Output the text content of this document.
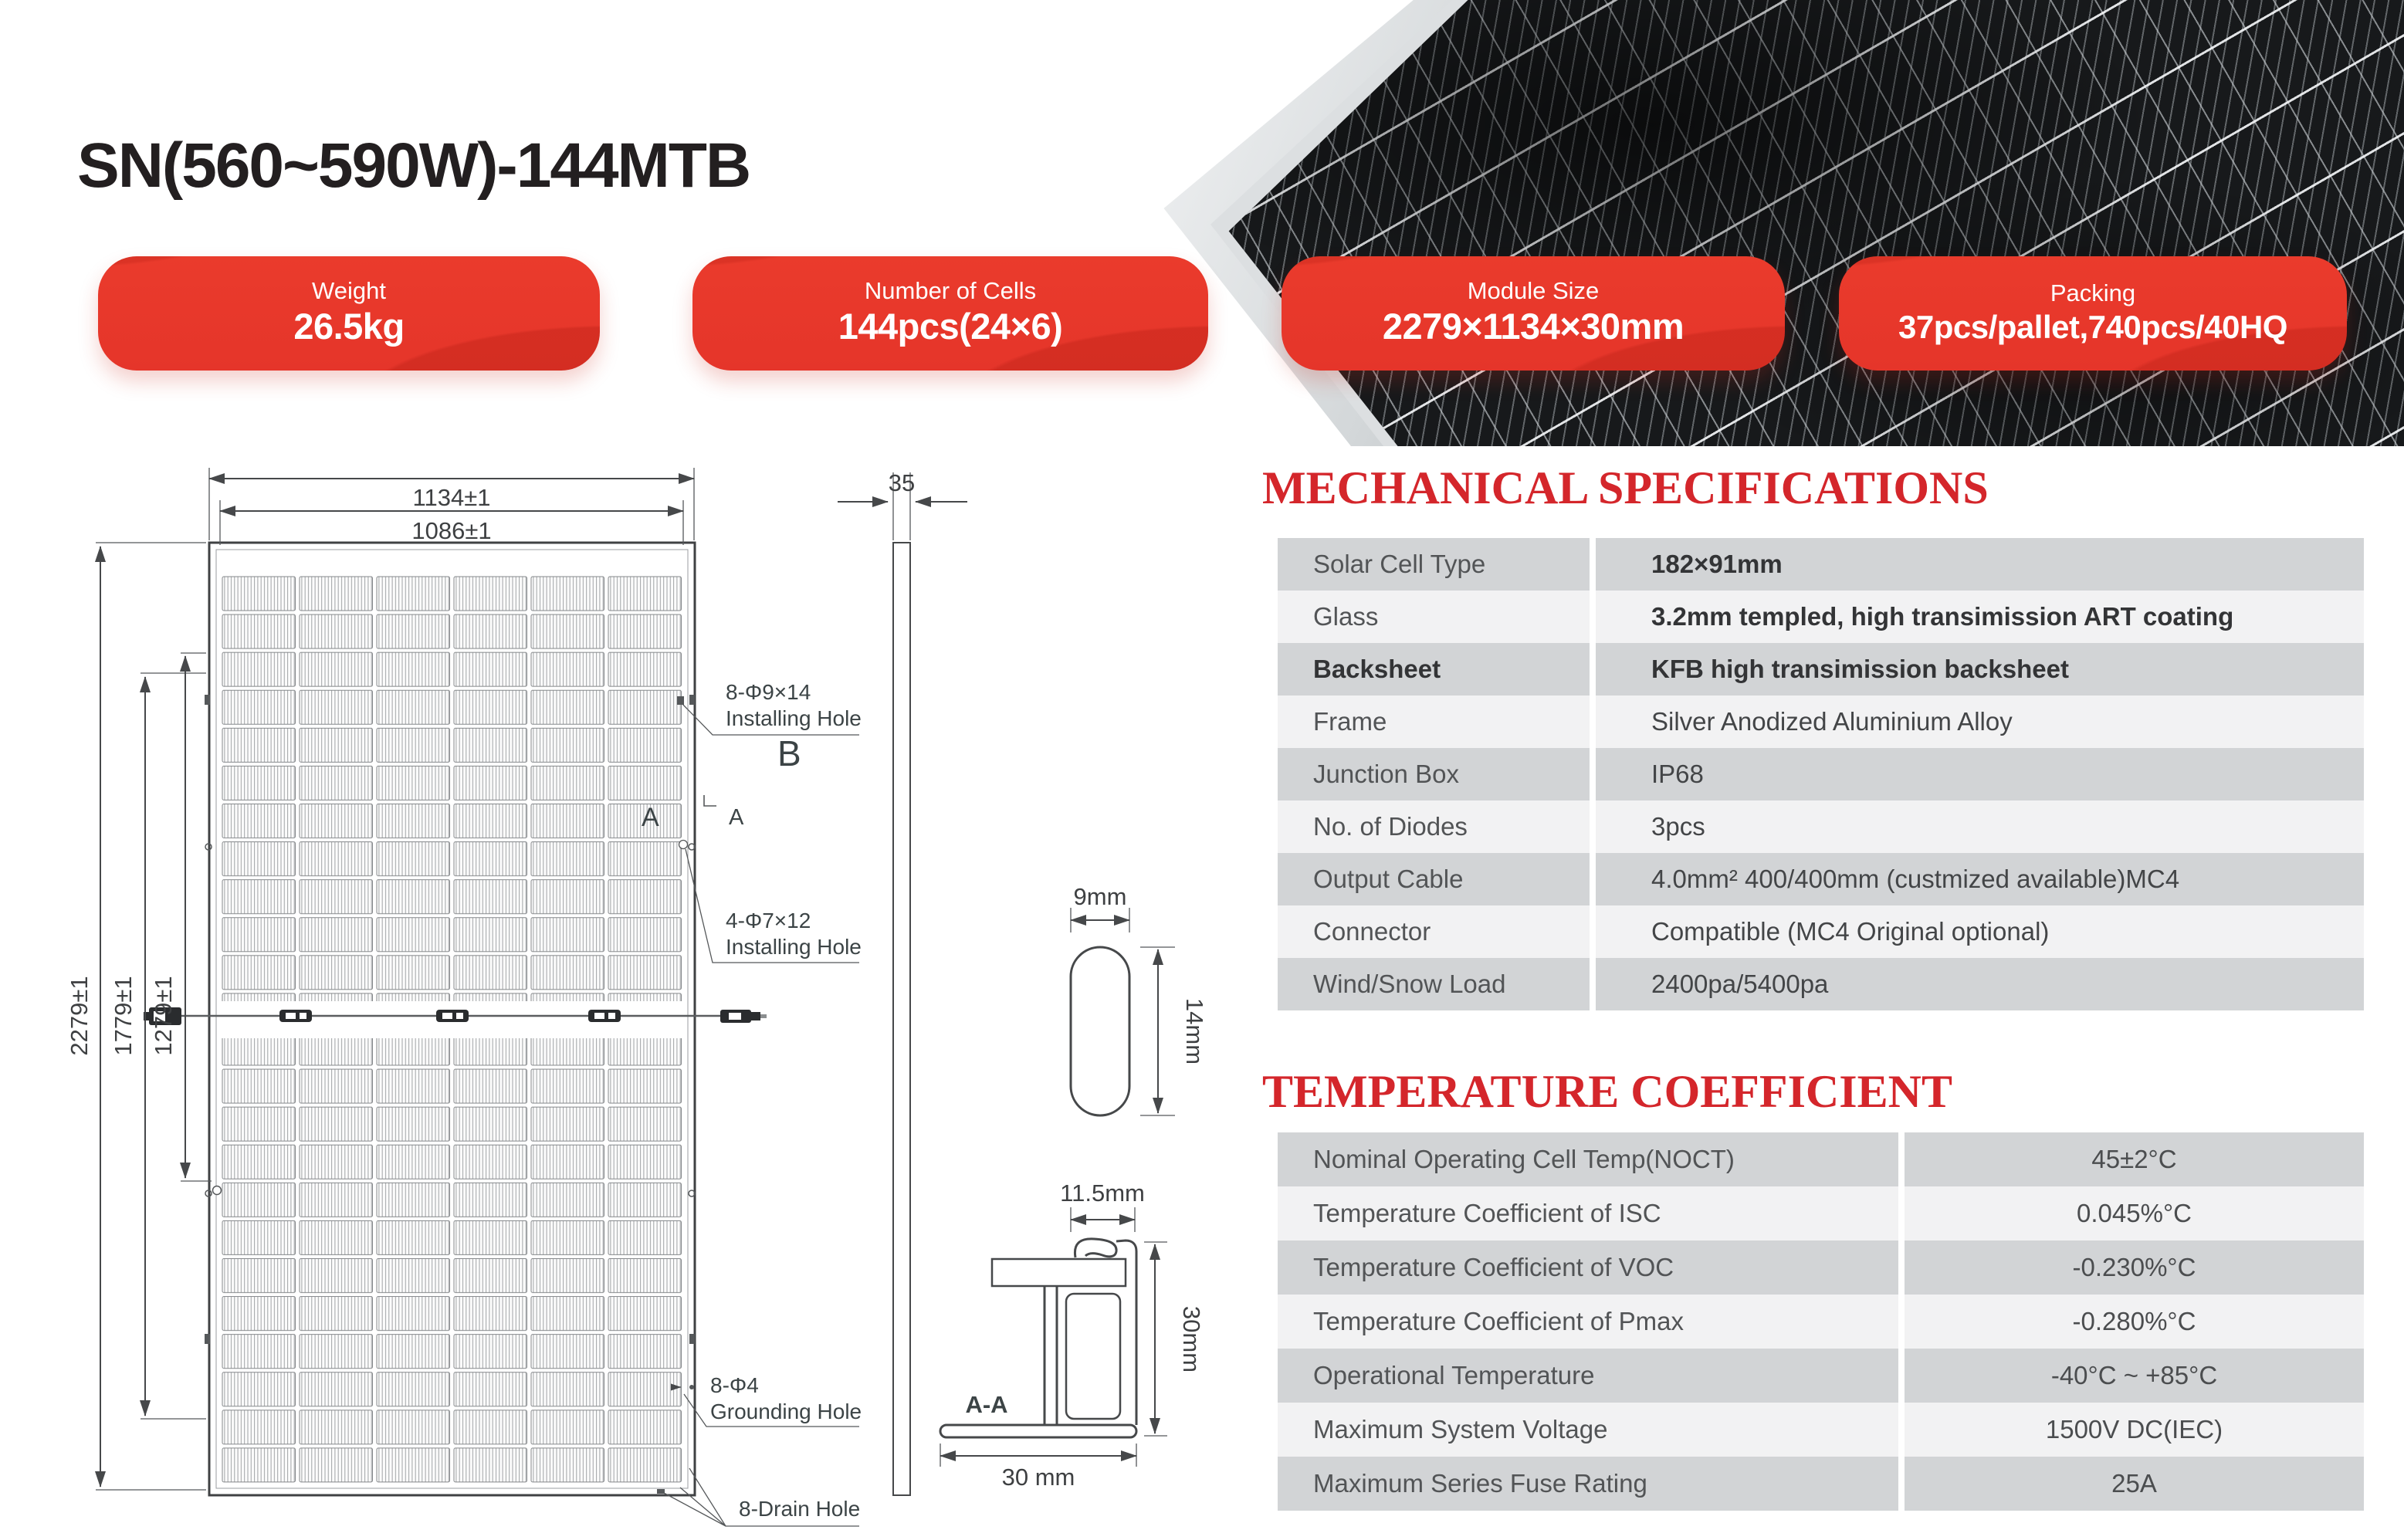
SN(560~590W)-144MTB
Weight
26.5kg
Number of Cells
144pcs(24×6)
Module Size
2279×1134×30mm
Packing
37pcs/pallet,740pcs/40HQ
1134±1
1086±1
2279±1 1779±1 1279±1
35
9mm
14mm
11.5mm
30mm
30 mm
8-Φ9×14
Installing Hole
4-Φ7×12
Installing Hole
8-Φ4
Grounding Hole
8-Drain Hole
B
A	A
A-A
MECHANICAL SPECIFICATIONS
Solar Cell Type	182×91mm
Glass	3.2mm templed, high transimission ART coating
Backsheet	KFB high transimission backsheet
Frame	Silver Anodized Aluminium Alloy
Junction Box	IP68
No. of Diodes	3pcs
Output Cable	4.0mm² 400/400mm (custmized available)MC4
Connector	Compatible (MC4 Original optional)
Wind/Snow Load	2400pa/5400pa
TEMPERATURE COEFFICIENT
Nominal Operating Cell Temp(NOCT)	45±2°C
Temperature Coefficient of ISC	0.045%°C
Temperature Coefficient of VOC	-0.230%°C
Temperature Coefficient of Pmax	-0.280%°C
Operational Temperature	-40°C ~ +85°C
Maximum System Voltage	1500V DC(IEC)
Maximum Series Fuse Rating	25A
